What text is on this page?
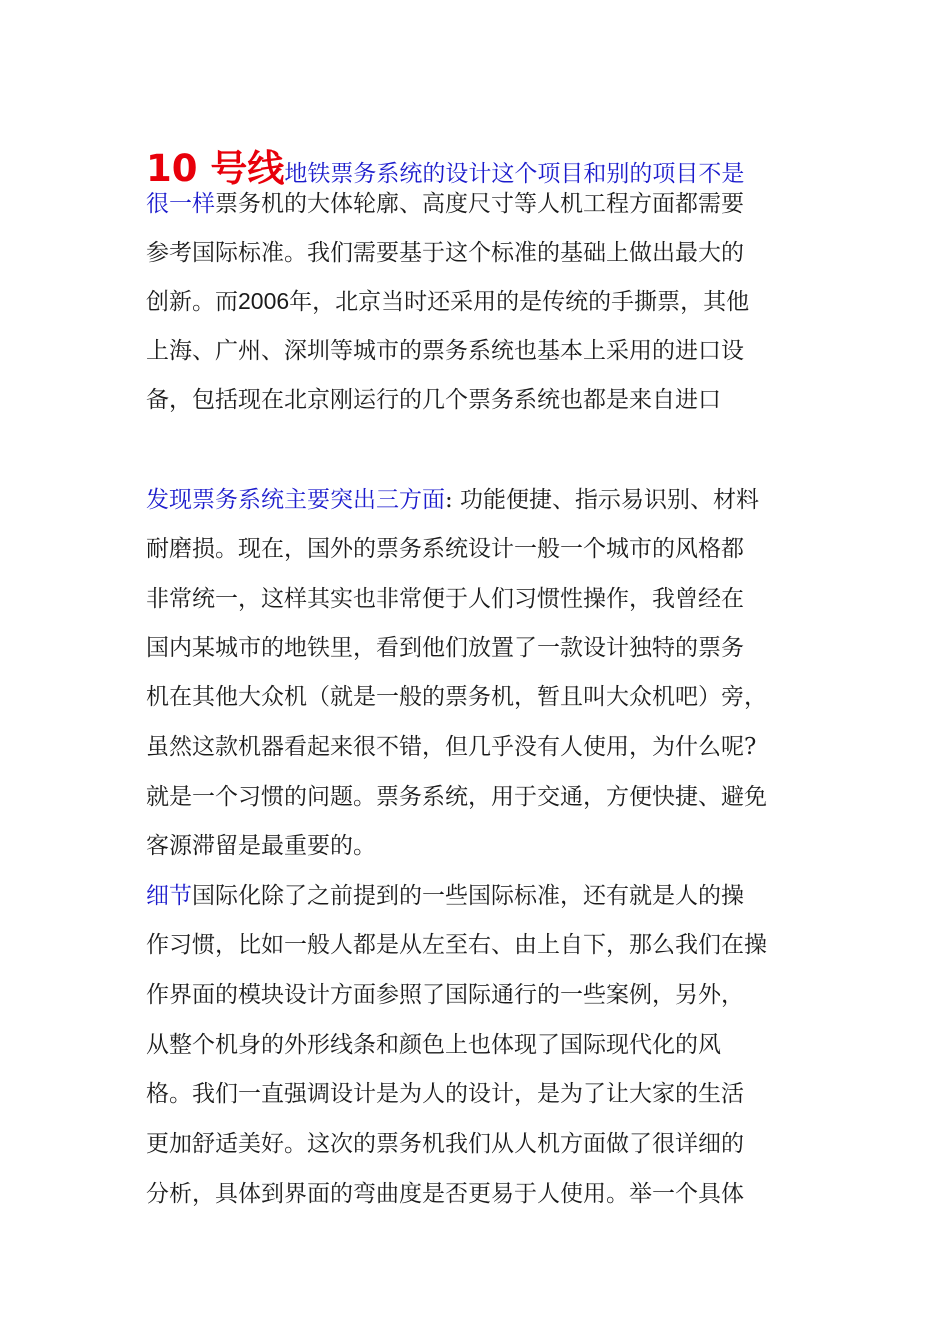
10 号线地铁票务系统的设计这个项目和别的项目不是
很一样票务机的大体轮廓、高度尺寸等人机工程方面都需要
参考国际标准。我们需要基于这个标准的基础上做出最大的
创新。而2006年，北京当时还采用的是传统的手撕票，其他
上海、广州、深圳等城市的票务系统也基本上采用的进口设
备，包括现在北京刚运行的几个票务系统也都是来自进口
发现票务系统主要突出三方面: 功能便捷、指示易识别、材料
耐磨损。现在，国外的票务系统设计一般一个城市的风格都
非常统一，这样其实也非常便于人们习惯性操作，我曾经在
国内某城市的地铁里，看到他们放置了一款设计独特的票务
机在其他大众机（就是一般的票务机，暂且叫大众机吧）旁，
虽然这款机器看起来很不错，但几乎没有人使用，为什么呢?
就是一个习惯的问题。票务系统，用于交通，方便快捷、避免
客源滞留是最重要的。
细节国际化除了之前提到的一些国际标准，还有就是人的操
作习惯，比如一般人都是从左至右、由上自下，那么我们在操
作界面的模块设计方面参照了国际通行的一些案例，另外，
从整个机身的外形线条和颜色上也体现了国际现代化的风
格。我们一直强调设计是为人的设计，是为了让大家的生活
更加舒适美好。这次的票务机我们从人机方面做了很详细的
分析，具体到界面的弯曲度是否更易于人使用。举一个具体
